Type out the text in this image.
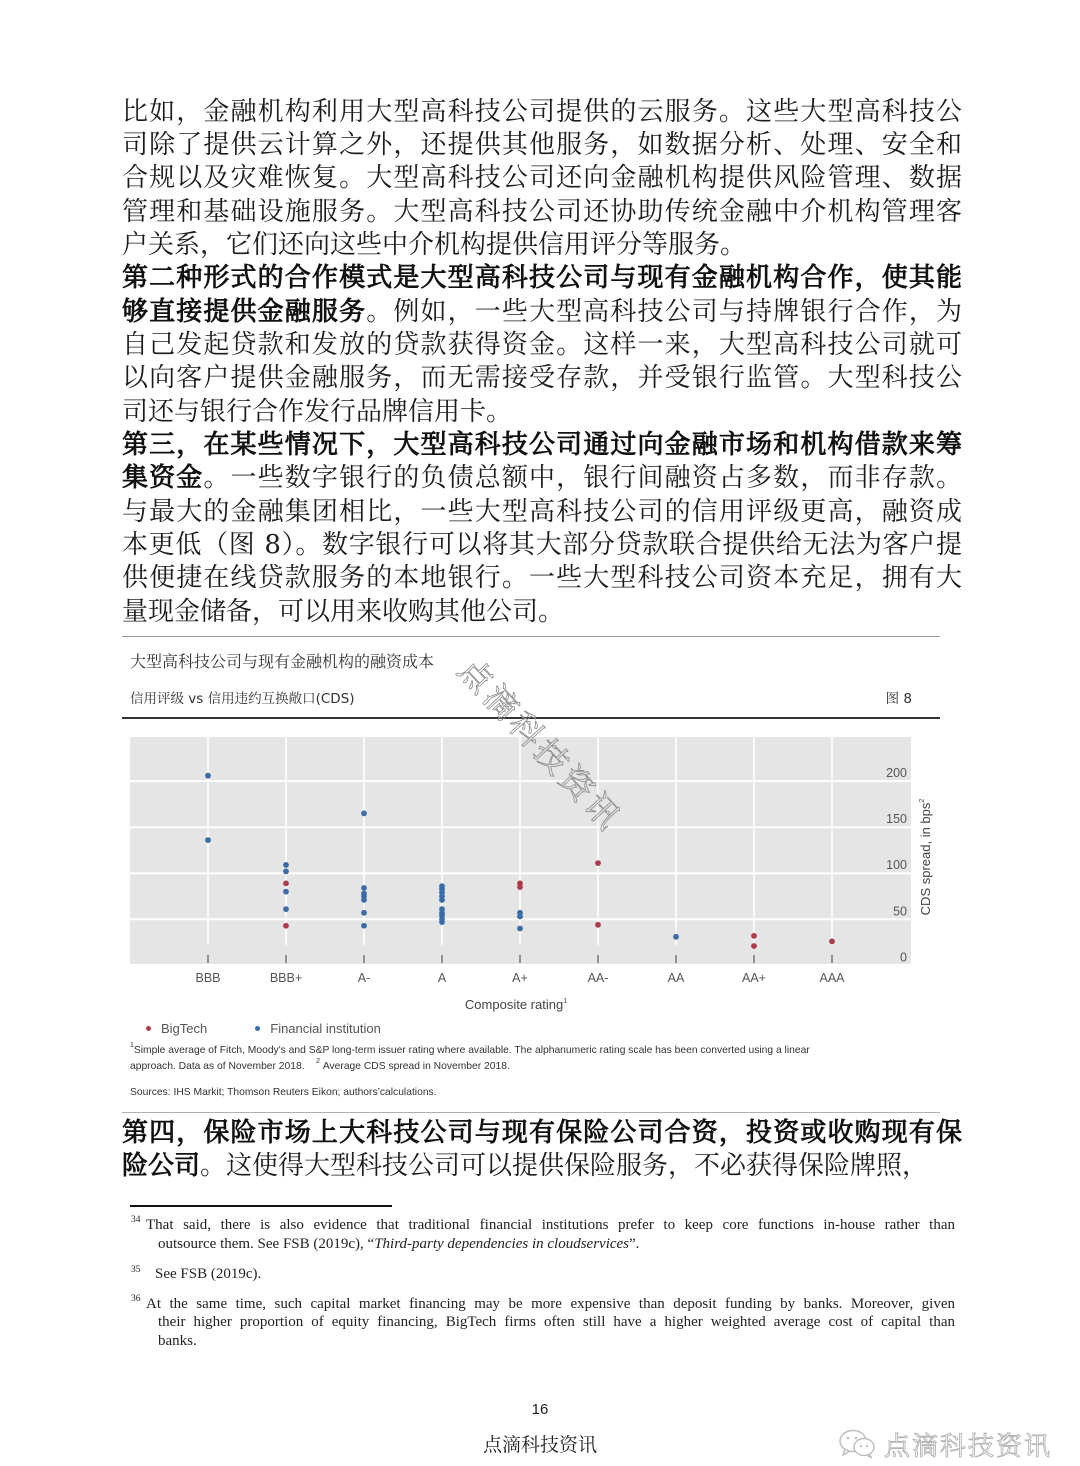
比如，金融机构利用大型高科技公司提供的云服务。这些大型高科技公
司除了提供云计算之外，还提供其他服务，如数据分析、处理、安全和
合规以及灾难恢复。大型高科技公司还向金融机构提供风险管理、数据
管理和基础设施服务。大型高科技公司还协助传统金融中介机构管理客
户关系，它们还向这些中介机构提供信用评分等服务。
第二种形式的合作模式是大型高科技公司与现有金融机构合作，使其能
够直接提供金融服务。例如，一些大型高科技公司与持牌银行合作，为
自己发起贷款和发放的贷款获得资金。这样一来，大型高科技公司就可
以向客户提供金融服务，而无需接受存款，并受银行监管。大型科技公
司还与银行合作发行品牌信用卡。
第三，在某些情况下，大型高科技公司通过向金融市场和机构借款来筹
集资金。一些数字银行的负债总额中，银行间融资占多数，而非存款。
与最大的金融集团相比，一些大型高科技公司的信用评级更高，融资成
本更低（图 8）。数字银行可以将其大部分贷款联合提供给无法为客户提
供便捷在线贷款服务的本地银行。一些大型科技公司资本充足，拥有大
量现金储备，可以用来收购其他公司。
大型高科技公司与现有金融机构的融资成本
信用评级 vs 信用违约互换敞口(CDS)	图 8
BBB	BBB+	A-	A	A+	AA-	AA	AA+	AAA
0
50
100
150
200
CDS spread, in bps$^2$
Composite rating$^1$
BigTech	Financial institution
$^1$Simple average of Fitch, Moody's and S&P long-term issuer rating where available. The alphanumeric rating scale has been converted using a linear
approach. Data as of November 2018. $^2$ Average CDS spread in November 2018.
Sources: IHS Markit; Thomson Reuters Eikon; authors’calculations.
第四，保险市场上大科技公司与现有保险公司合资，投资或收购现有保
险公司。这使得大型科技公司可以提供保险服务，不必获得保险牌照，
34 That said, there is also evidence that traditional financial institutions prefer to keep core functions in-house rather than
outsource them. See FSB (2019c), “Third-party dependencies in cloudservices”.
35 See FSB (2019c).
36 At the same time, such capital market financing may be more expensive than deposit funding by banks. Moreover, given
their higher proportion of equity financing, BigTech firms often still have a higher weighted average cost of capital than
banks.
16
点滴科技资讯	点滴科技资讯
